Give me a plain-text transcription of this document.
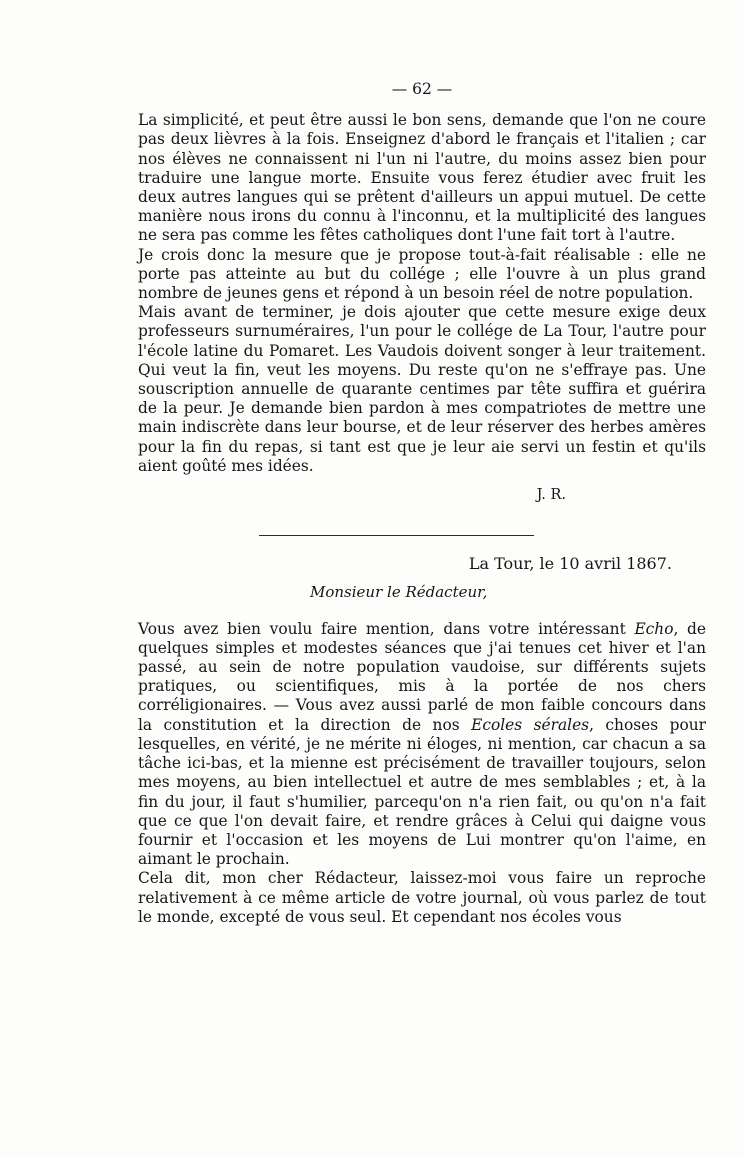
— 62 —

La simplicité, et peut être aussi le bon sens, demande que l'on ne coure pas deux lièvres à la fois. Enseignez d'abord le français et l'italien ; car nos élèves ne connaissent ni l'un ni l'autre, du moins assez bien pour traduire une langue morte. Ensuite vous ferez étudier avec fruit les deux autres langues qui se prêtent d'ailleurs un appui mutuel. De cette manière nous irons du connu à l'inconnu, et la multiplicité des langues ne sera pas comme les fêtes catholiques dont l'une fait tort à l'autre.

Je crois donc la mesure que je propose tout-à-fait réalisable : elle ne porte pas atteinte au but du collége ; elle l'ouvre à un plus grand nombre de jeunes gens et répond à un besoin réel de notre population.

Mais avant de terminer, je dois ajouter que cette mesure exige deux professeurs surnuméraires, l'un pour le collége de La Tour, l'autre pour l'école latine du Pomaret. Les Vaudois doivent songer à leur traitement. Qui veut la fin, veut les moyens. Du reste qu'on ne s'effraye pas. Une souscription annuelle de quarante centimes par tête suffira et guérira de la peur. Je demande bien pardon à mes compatriotes de mettre une main indiscrète dans leur bourse, et de leur réserver des herbes amères pour la fin du repas, si tant est que je leur aie servi un festin et qu'ils aient goûté mes idées.

J. R.
La Tour, le 10 avril 1867.
Monsieur le Rédacteur,

Vous avez bien voulu faire mention, dans votre intéressant Echo, de quelques simples et modestes séances que j'ai tenues cet hiver et l'an passé, au sein de notre population vaudoise, sur différents sujets pratiques, ou scientifiques, mis à la portée de nos chers corréligionaires. — Vous avez aussi parlé de mon faible concours dans la constitution et la direction de nos Ecoles sérales, choses pour lesquelles, en vérité, je ne mérite ni éloges, ni mention, car chacun a sa tâche ici-bas, et la mienne est précisément de travailler toujours, selon mes moyens, au bien intellectuel et autre de mes semblables ; et, à la fin du jour, il faut s'humilier, parcequ'on n'a rien fait, ou qu'on n'a fait que ce que l'on devait faire, et rendre grâces à Celui qui daigne vous fournir et l'occasion et les moyens de Lui montrer qu'on l'aime, en aimant le prochain.

Cela dit, mon cher Rédacteur, laissez-moi vous faire un reproche relativement à ce même article de votre journal, où vous parlez de tout le monde, excepté de vous seul. Et cependant nos écoles vous
